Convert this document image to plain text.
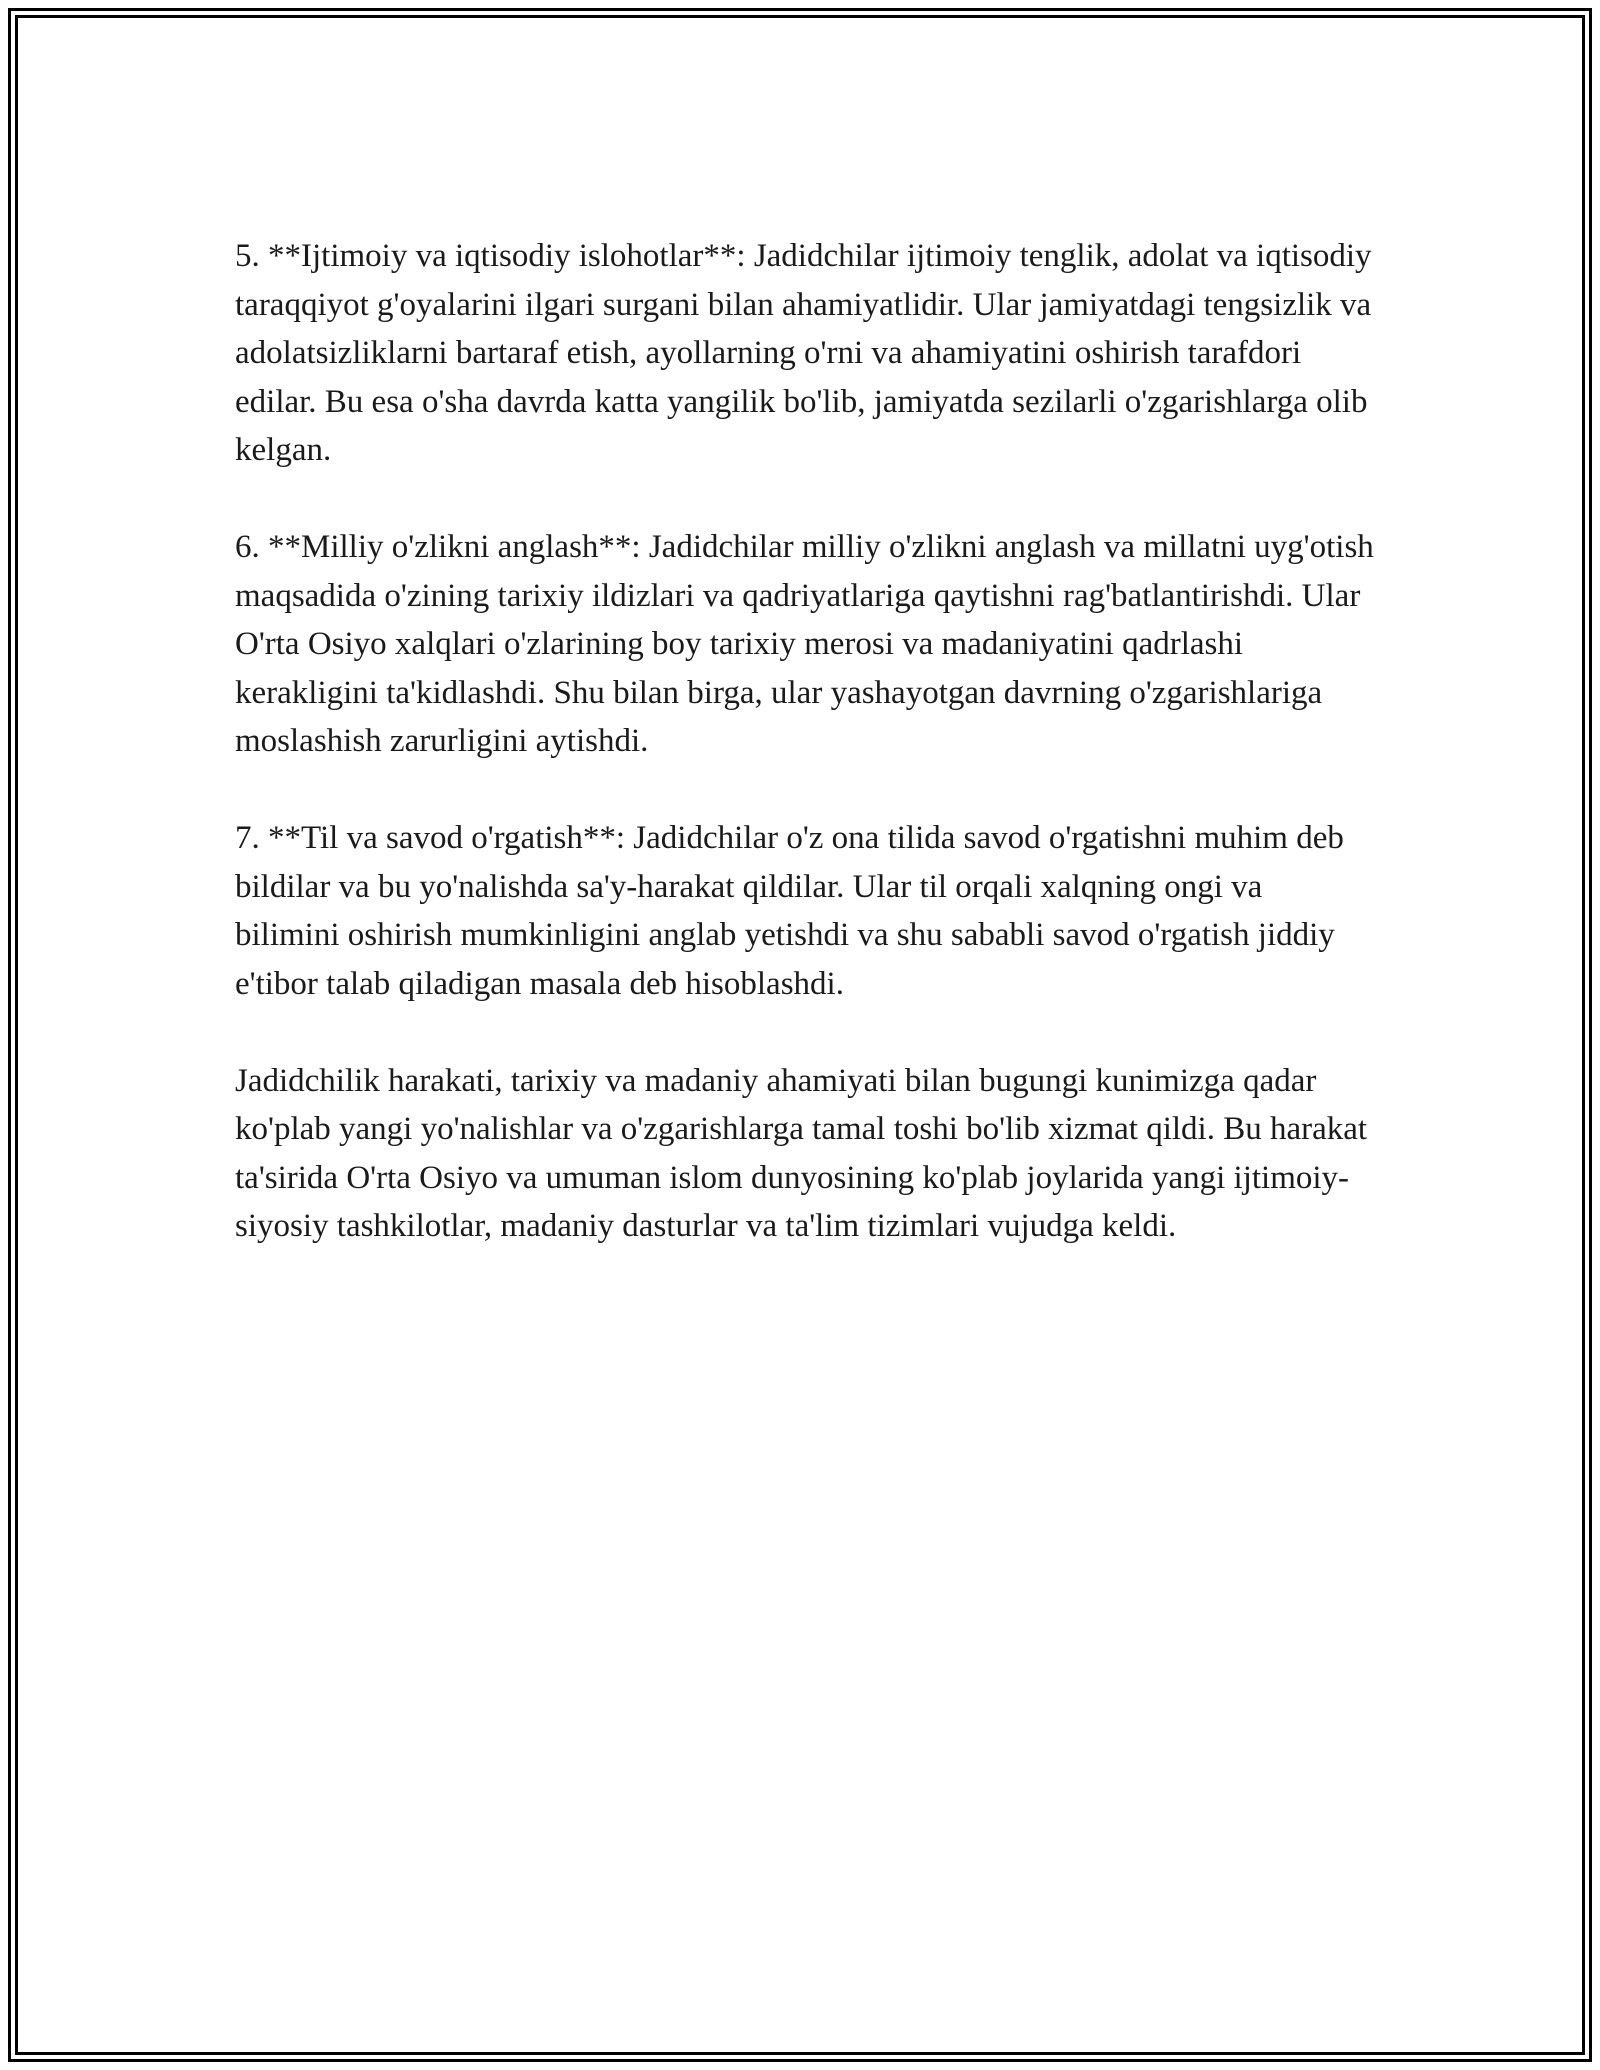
5. **Ijtimoiy va iqtisodiy islohotlar**: Jadidchilar ijtimoiy tenglik, adolat va iqtisodiy taraqqiyot g'oyalarini ilgari surgani bilan ahamiyatlidir. Ular jamiyatdagi tengsizlik va adolatsizliklarni bartaraf etish, ayollarning o'rni va ahamiyatini oshirish tarafdori edilar. Bu esa o'sha davrda katta yangilik bo'lib, jamiyatda sezilarli o'zgarishlarga olib kelgan.

6. **Milliy o'zlikni anglash**: Jadidchilar milliy o'zlikni anglash va millatni uyg'otish maqsadida o'zining tarixiy ildizlari va qadriyatlariga qaytishni rag'batlantirishdi. Ular O'rta Osiyo xalqlari o'zlarining boy tarixiy merosi va madaniyatini qadrlashi kerakligini ta'kidlashdi. Shu bilan birga, ular yashayotgan davrning o'zgarishlariga moslashish zarurligini aytishdi.

7. **Til va savod o'rgatish**: Jadidchilar o'z ona tilida savod o'rgatishni muhim deb bildilar va bu yo'nalishda sa'y-harakat qildilar. Ular til orqali xalqning ongi va bilimini oshirish mumkinligini anglab yetishdi va shu sababli savod o'rgatish jiddiy e'tibor talab qiladigan masala deb hisoblashdi.

Jadidchilik harakati, tarixiy va madaniy ahamiyati bilan bugungi kunimizga qadar ko'plab yangi yo'nalishlar va o'zgarishlarga tamal toshi bo'lib xizmat qildi. Bu harakat ta'sirida O'rta Osiyo va umuman islom dunyosining ko'plab joylarida yangi ijtimoiy-siyosiy tashkilotlar, madaniy dasturlar va ta'lim tizimlari vujudga keldi.
